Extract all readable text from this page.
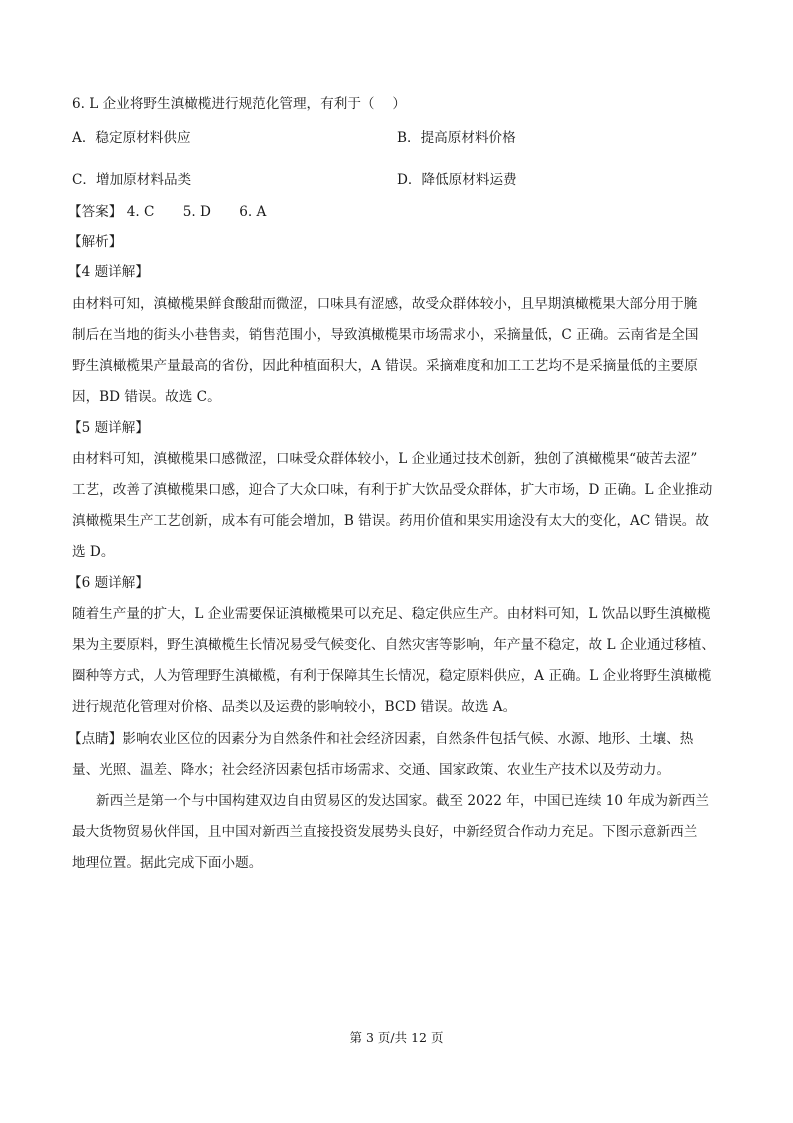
6. L 企业将野生滇橄榄进行规范化管理，有利于（　 ）
A．稳定原材料供应	B．提高原材料价格
C．增加原材料品类	D．降低原材料运费
【答案】 4. C 5. D 6. A
【解析】
【4 题详解】
由材料可知，滇橄榄果鲜食酸甜而微涩，口味具有涩感，故受众群体较小，且早期滇橄榄果大部分用于腌
制后在当地的街头小巷售卖，销售范围小，导致滇橄榄果市场需求小，采摘量低，C 正确。云南省是全国
野生滇橄榄果产量最高的省份，因此种植面积大，A 错误。采摘难度和加工工艺均不是采摘量低的主要原
因，BD 错误。故选 C。
【5 题详解】
由材料可知，滇橄榄果口感微涩，口味受众群体较小，L 企业通过技术创新，独创了滇橄榄果“破苦去涩”
工艺，改善了滇橄榄果口感，迎合了大众口味，有利于扩大饮品受众群体，扩大市场，D 正确。L 企业推动
滇橄榄果生产工艺创新，成本有可能会增加，B 错误。药用价值和果实用途没有太大的变化，AC 错误。故
选 D。
【6 题详解】
随着生产量的扩大，L 企业需要保证滇橄榄果可以充足、稳定供应生产。由材料可知，L 饮品以野生滇橄榄
果为主要原料，野生滇橄榄生长情况易受气候变化、自然灾害等影响，年产量不稳定，故 L 企业通过移植、
圈种等方式，人为管理野生滇橄榄，有利于保障其生长情况，稳定原料供应，A 正确。L 企业将野生滇橄榄
进行规范化管理对价格、品类以及运费的影响较小，BCD 错误。故选 A。
【点睛】影响农业区位的因素分为自然条件和社会经济因素，自然条件包括气候、水源、地形、土壤、热
量、光照、温差、降水；社会经济因素包括市场需求、交通、国家政策、农业生产技术以及劳动力。
新西兰是第一个与中国构建双边自由贸易区的发达国家。截至 2022 年，中国已连续 10 年成为新西兰
最大货物贸易伙伴国，且中国对新西兰直接投资发展势头良好，中新经贸合作动力充足。下图示意新西兰
地理位置。据此完成下面小题。
第 3 页/共 12 页
